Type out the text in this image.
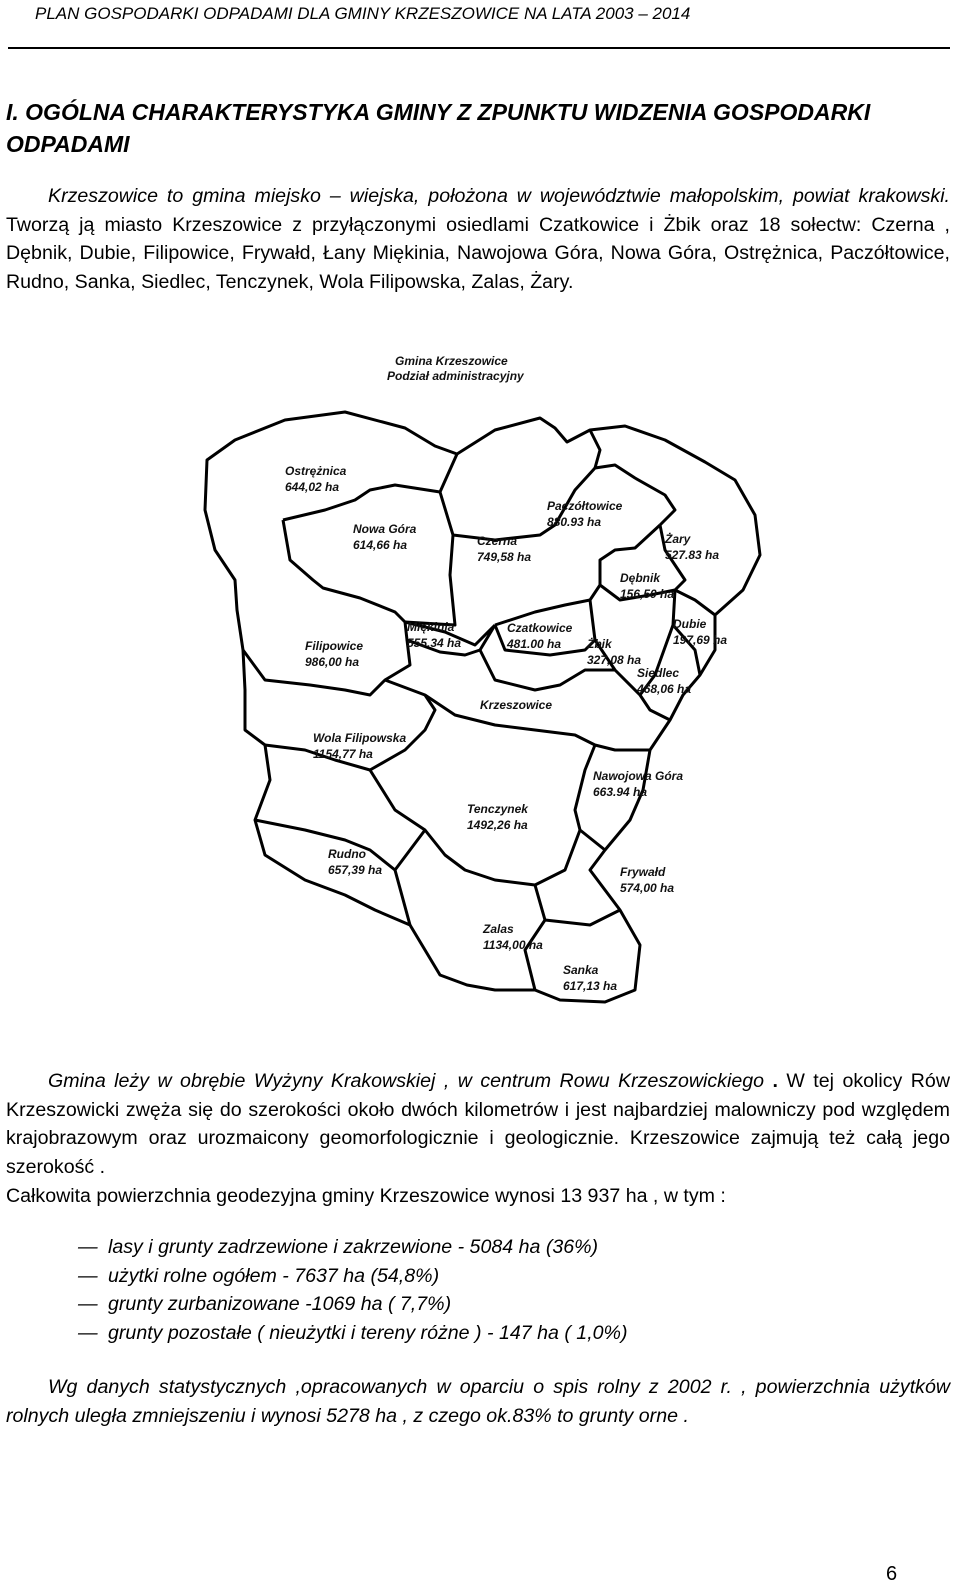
PLAN GOSPODARKI ODPADAMI DLA GMINY KRZESZOWICE NA LATA 2003 – 2014
I. OGÓLNA CHARAKTERYSTYKA GMINY Z ZPUNKTU WIDZENIA GOSPODARKI ODPADAMI
Krzeszowice to gmina miejsko – wiejska, położona w województwie małopolskim, powiat krakowski. Tworzą ją miasto Krzeszowice z przyłączonymi osiedlami Czatkowice i Żbik oraz 18 sołectw: Czerna , Dębnik, Dubie, Filipowice, Frywałd, Łany Miękinia, Nawojowa Góra, Nowa Góra, Ostrężnica, Paczółtowice, Rudno, Sanka, Siedlec, Tenczynek, Wola Filipowska, Zalas, Żary.
Gmina Krzeszowice
Podział administracyjny
Ostrężnica
644,02 ha
Nowa Góra
614,66 ha	Czerna
749,58 ha
Paczółtowice
880.93 ha
Żary
527.83 ha
Dębnik
156,50 ha
Filipowice
986,00 ha
Miękinia
555.34 ha
Czatkowice
481.00 ha Żbik
327,08 ha
Dubie
197,69 ha
Siedlec
468,06 ha
Krzeszowice
Wola Filipowska
1154,77 ha
Nawojowa Góra
663.94 ha
Tenczynek
1492,26 ha
Rudno
657,39 ha	Frywałd
574,00 ha
Zalas
1134,00 ha
Sanka
617,13 ha
Gmina leży w obrębie Wyżyny Krakowskiej , w centrum Rowu Krzeszowickiego . W tej okolicy Rów Krzeszowicki zwęża się do szerokości około dwóch kilometrów i jest najbardziej malowniczy pod względem krajobrazowym oraz urozmaicony geomorfologicznie i geologicznie. Krzeszowice zajmują też całą jego szerokość .
Całkowita powierzchnia geodezyjna gminy Krzeszowice wynosi 13 937 ha , w tym :
— lasy i grunty zadrzewione i zakrzewione - 5084 ha (36%)
— użytki rolne ogółem - 7637 ha (54,8%)
— grunty zurbanizowane -1069 ha ( 7,7%)
— grunty pozostałe ( nieużytki i tereny różne ) - 147 ha ( 1,0%)
Wg danych statystycznych ,opracowanych w oparciu o spis rolny z 2002 r. , powierzchnia użytków rolnych uległa zmniejszeniu i wynosi 5278 ha , z czego ok.83% to grunty orne .
6
